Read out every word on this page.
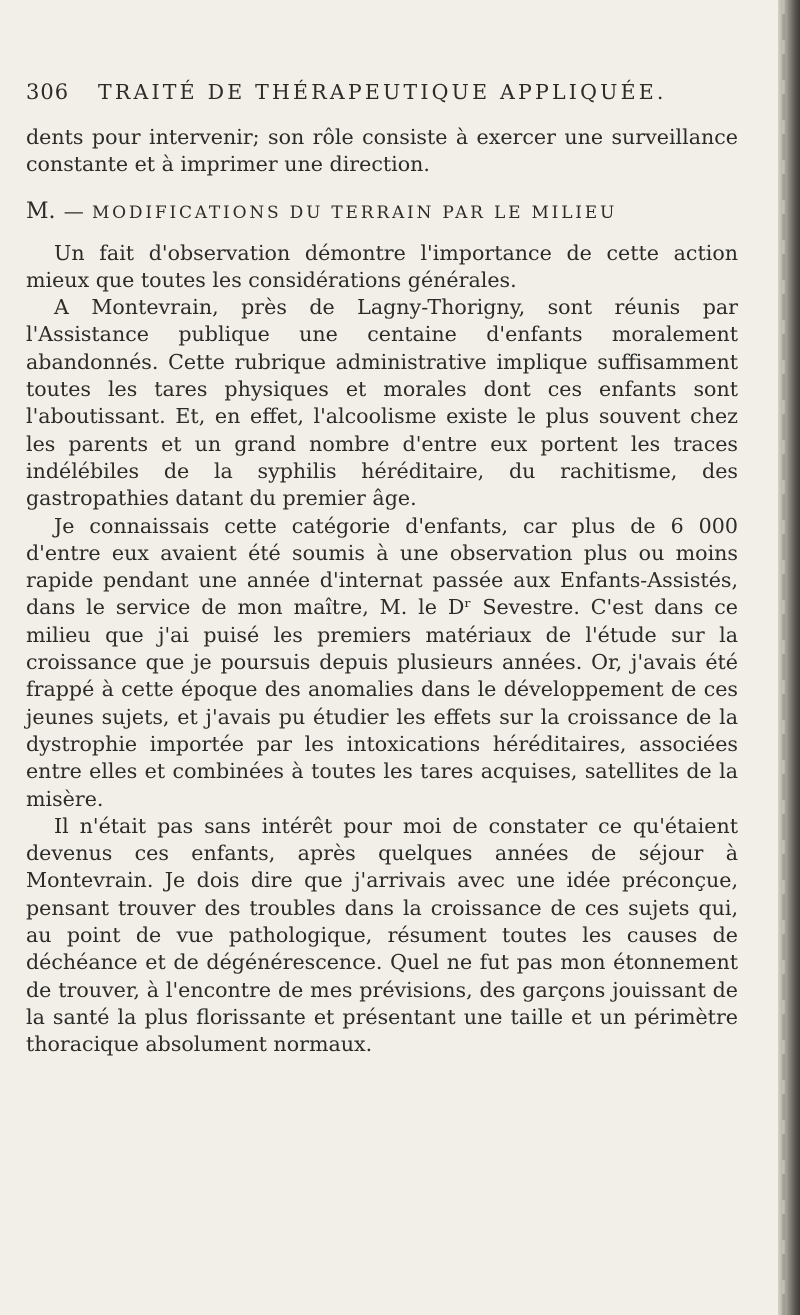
306 TRAITÉ DE THÉRAPEUTIQUE APPLIQUÉE.

dents pour intervenir; son rôle consiste à exercer une surveillance constante et à imprimer une direction.

M. — MODIFICATIONS DU TERRAIN PAR LE MILIEU

Un fait d'observation démontre l'importance de cette action mieux que toutes les considérations générales.

A Montevrain, près de Lagny-Thorigny, sont réunis par l'Assistance publique une centaine d'enfants moralement abandonnés. Cette rubrique administrative implique suffisamment toutes les tares physiques et morales dont ces enfants sont l'aboutissant. Et, en effet, l'alcoolisme existe le plus souvent chez les parents et un grand nombre d'entre eux portent les traces indélébiles de la syphilis héréditaire, du rachitisme, des gastropathies datant du premier âge.

Je connaissais cette catégorie d'enfants, car plus de 6 000 d'entre eux avaient été soumis à une observation plus ou moins rapide pendant une année d'internat passée aux Enfants-Assistés, dans le service de mon maître, M. le Dʳ Sevestre. C'est dans ce milieu que j'ai puisé les premiers matériaux de l'étude sur la croissance que je poursuis depuis plusieurs années. Or, j'avais été frappé à cette époque des anomalies dans le développement de ces jeunes sujets, et j'avais pu étudier les effets sur la croissance de la dystrophie importée par les intoxications héréditaires, associées entre elles et combinées à toutes les tares acquises, satellites de la misère.

Il n'était pas sans intérêt pour moi de constater ce qu'étaient devenus ces enfants, après quelques années de séjour à Montevrain. Je dois dire que j'arrivais avec une idée préconçue, pensant trouver des troubles dans la croissance de ces sujets qui, au point de vue pathologique, résument toutes les causes de déchéance et de dégénérescence. Quel ne fut pas mon étonnement de trouver, à l'encontre de mes prévisions, des garçons jouissant de la santé la plus florissante et présentant une taille et un périmètre thoracique absolument normaux.
